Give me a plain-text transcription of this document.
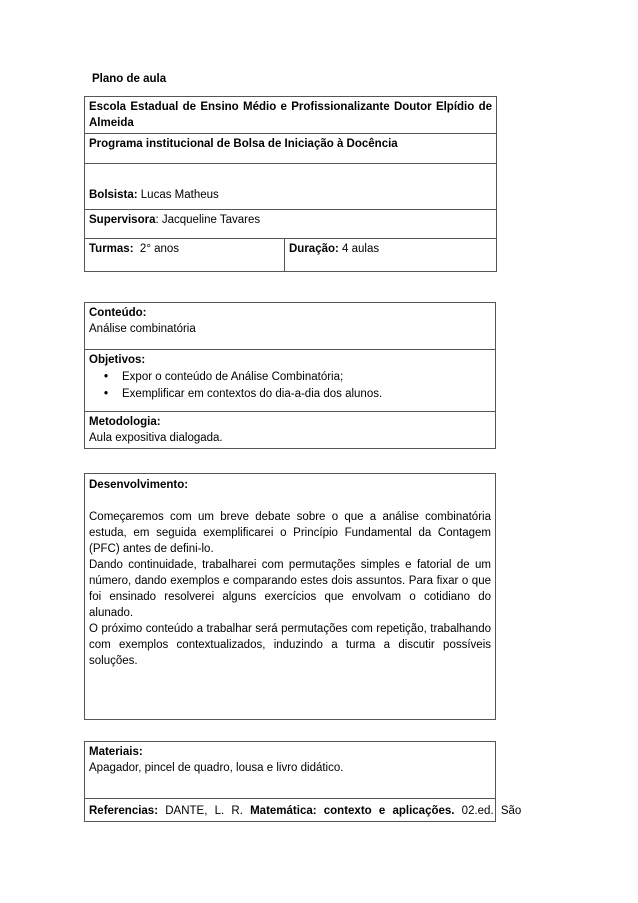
Plano de aula
Escola Estadual de Ensino Médio e Profissionalizante Doutor Elpídio de Almeida
Programa institucional de Bolsa de Iniciação à Docência
Bolsista: Lucas Matheus
Supervisora: Jacqueline Tavares
Turmas:  2° anos	Duração: 4 aulas
Conteúdo:
Análise combinatória

Objetivos:
• Expor o conteúdo de Análise Combinatória;
• Exemplificar em contextos do dia-a-dia dos alunos.

Metodologia:
Aula expositiva dialogada.
Desenvolvimento:

Começaremos com um breve debate sobre o que a análise combinatória estuda, em seguida exemplificarei o Princípio Fundamental da Contagem (PFC) antes de defini-lo.

Dando continuidade, trabalharei com permutações simples e fatorial de um número, dando exemplos e comparando estes dois assuntos. Para fixar o que foi ensinado resolverei alguns exercícios que envolvam o cotidiano do alunado.

O próximo conteúdo a trabalhar será permutações com repetição, trabalhando com exemplos contextualizados, induzindo a turma a discutir possíveis soluções.

Materiais:
Apagador, pincel de quadro, lousa e livro didático.

Referencias: DANTE, L. R. Matemática: contexto e aplicações. 02.ed. São
